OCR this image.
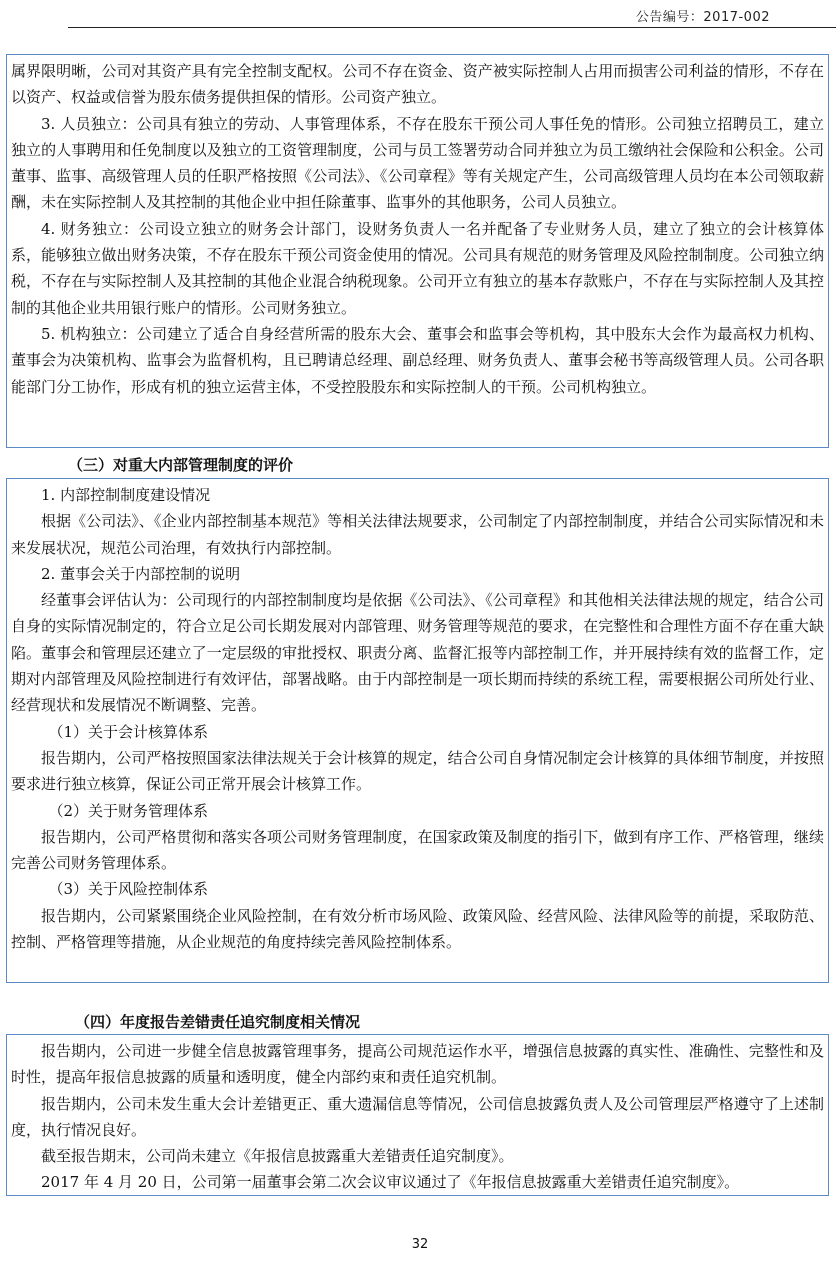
公告编号：2017-002

属界限明晰，公司对其资产具有完全控制支配权。公司不存在资金、资产被实际控制人占用而损害公司利益的情形，不存在以资产、权益或信誉为股东债务提供担保的情形。公司资产独立。

3. 人员独立：公司具有独立的劳动、人事管理体系，不存在股东干预公司人事任免的情形。公司独立招聘员工，建立独立的人事聘用和任免制度以及独立的工资管理制度，公司与员工签署劳动合同并独立为员工缴纳社会保险和公积金。公司董事、监事、高级管理人员的任职严格按照《公司法》、《公司章程》等有关规定产生，公司高级管理人员均在本公司领取薪酬，未在实际控制人及其控制的其他企业中担任除董事、监事外的其他职务，公司人员独立。

4. 财务独立：公司设立独立的财务会计部门，设财务负责人一名并配备了专业财务人员，建立了独立的会计核算体系，能够独立做出财务决策，不存在股东干预公司资金使用的情况。公司具有规范的财务管理及风险控制制度。公司独立纳税，不存在与实际控制人及其控制的其他企业混合纳税现象。公司开立有独立的基本存款账户，不存在与实际控制人及其控制的其他企业共用银行账户的情形。公司财务独立。

5. 机构独立：公司建立了适合自身经营所需的股东大会、董事会和监事会等机构，其中股东大会作为最高权力机构、董事会为决策机构、监事会为监督机构，且已聘请总经理、副总经理、财务负责人、董事会秘书等高级管理人员。公司各职能部门分工协作，形成有机的独立运营主体，不受控股股东和实际控制人的干预。公司机构独立。

（三）对重大内部管理制度的评价

1. 内部控制制度建设情况

根据《公司法》、《企业内部控制基本规范》等相关法律法规要求，公司制定了内部控制制度，并结合公司实际情况和未来发展状况，规范公司治理，有效执行内部控制。

2. 董事会关于内部控制的说明

经董事会评估认为：公司现行的内部控制制度均是依据《公司法》、《公司章程》和其他相关法律法规的规定，结合公司自身的实际情况制定的，符合立足公司长期发展对内部管理、财务管理等规范的要求，在完整性和合理性方面不存在重大缺陷。董事会和管理层还建立了一定层级的审批授权、职责分离、监督汇报等内部控制工作，并开展持续有效的监督工作，定期对内部管理及风险控制进行有效评估，部署战略。由于内部控制是一项长期而持续的系统工程，需要根据公司所处行业、经营现状和发展情况不断调整、完善。

（1）关于会计核算体系

报告期内，公司严格按照国家法律法规关于会计核算的规定，结合公司自身情况制定会计核算的具体细节制度，并按照要求进行独立核算，保证公司正常开展会计核算工作。

（2）关于财务管理体系

报告期内，公司严格贯彻和落实各项公司财务管理制度，在国家政策及制度的指引下，做到有序工作、严格管理，继续完善公司财务管理体系。

（3）关于风险控制体系

报告期内，公司紧紧围绕企业风险控制，在有效分析市场风险、政策风险、经营风险、法律风险等的前提，采取防范、控制、严格管理等措施，从企业规范的角度持续完善风险控制体系。

（四）年度报告差错责任追究制度相关情况

报告期内，公司进一步健全信息披露管理事务，提高公司规范运作水平，增强信息披露的真实性、准确性、完整性和及时性，提高年报信息披露的质量和透明度，健全内部约束和责任追究机制。

报告期内，公司未发生重大会计差错更正、重大遗漏信息等情况，公司信息披露负责人及公司管理层严格遵守了上述制度，执行情况良好。

截至报告期末，公司尚未建立《年报信息披露重大差错责任追究制度》。

2017 年 4 月 20 日，公司第一届董事会第二次会议审议通过了《年报信息披露重大差错责任追究制度》。

32
